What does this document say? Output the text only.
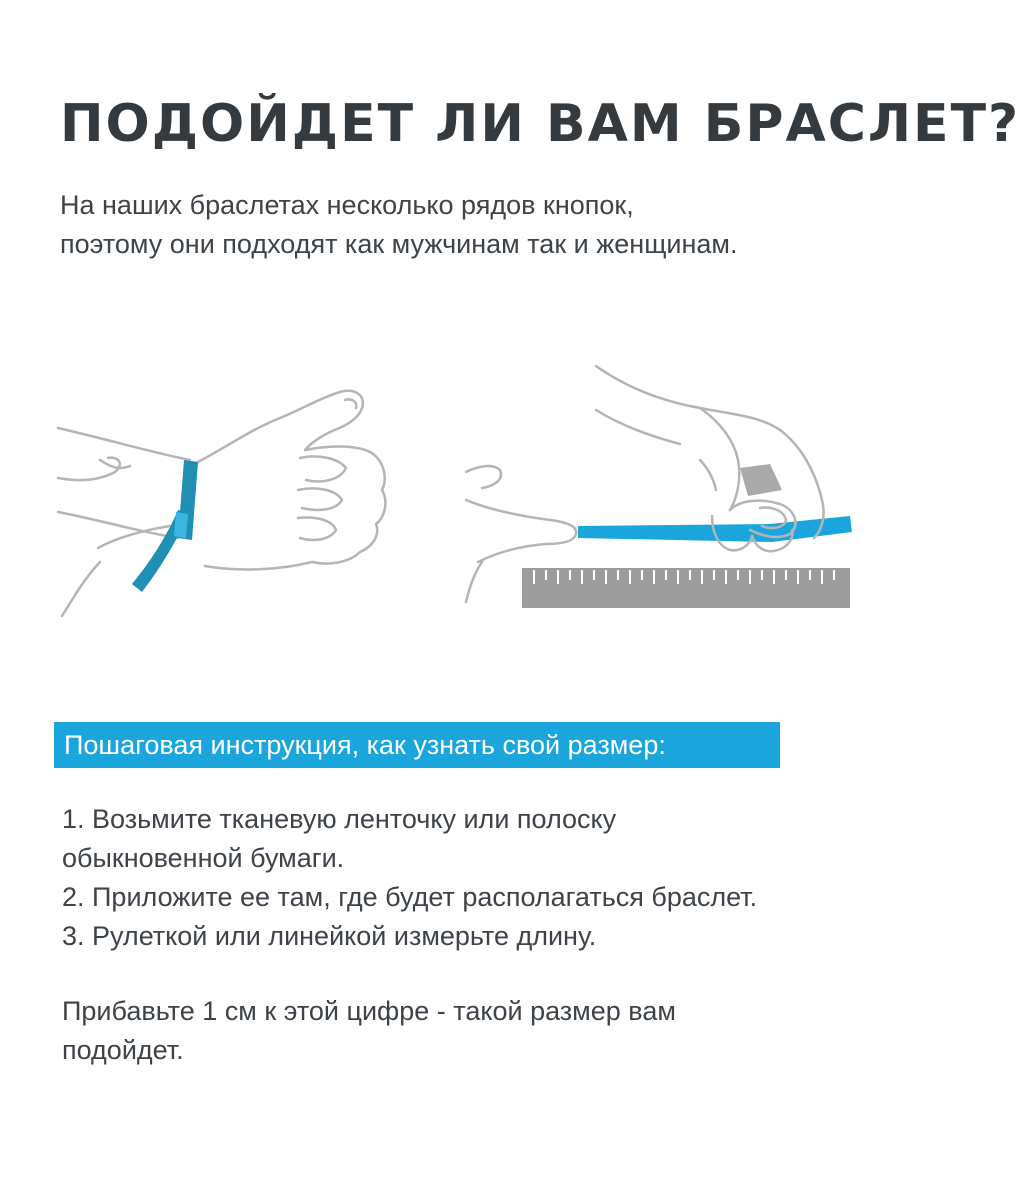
ПОДОЙДЕТ ЛИ ВАМ БРАСЛЕТ?
На наших браслетах несколько рядов кнопок,
поэтому они подходят как мужчинам так и женщинам.
Пошаговая инструкция, как узнать свой размер:
1. Возьмите тканевую ленточку или полоску
обыкновенной бумаги.
2. Приложите ее там, где будет располагаться браслет.
3. Рулеткой или линейкой измерьте длину.
Прибавьте 1 см к этой цифре - такой размер вам
подойдет.
